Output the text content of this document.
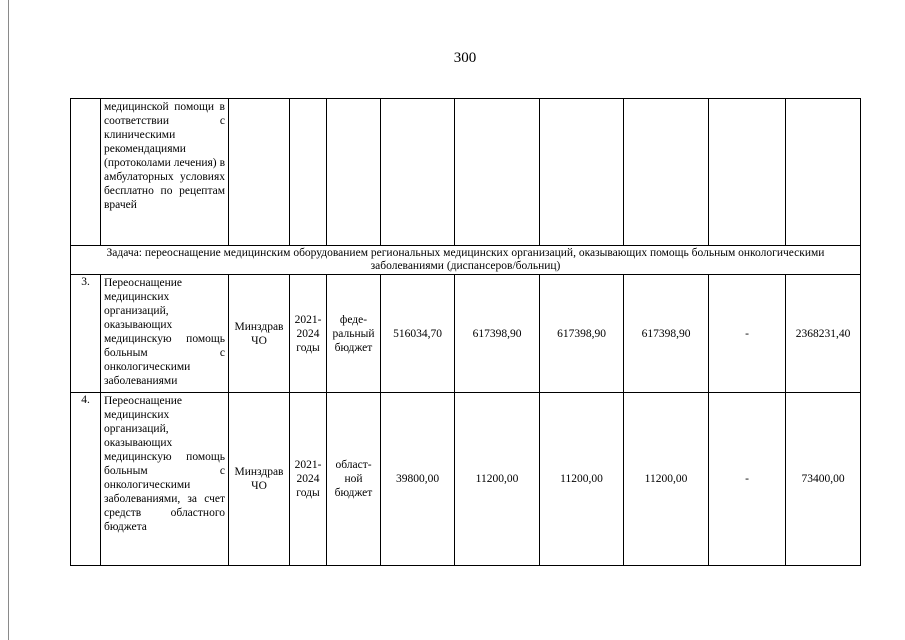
300
	медицинской помощи в соответствии с клиническими рекомендациями (протоколами лечения) в амбулаторных условиях бесплатно по рецептам врачей									
Задача: переоснащение медицинским оборудованием региональных медицинских организаций, оказывающих помощь больным онкологическими заболеваниями (диспансеров/больниц)										
3.	Переоснащение медицинских организаций, оказывающих медицинскую помощь больным с онкологическими заболеваниями	Минздрав ЧО	2021-2024 годы	феде-ральный бюджет	516034,70	617398,90	617398,90	617398,90	-	2368231,40
4.	Переоснащение медицинских организаций, оказывающих медицинскую помощь больным с онкологическими заболеваниями, за счет средств областного бюджета	Минздрав ЧО	2021-2024 годы	област-ной бюджет	39800,00	11200,00	11200,00	11200,00	-	73400,00
